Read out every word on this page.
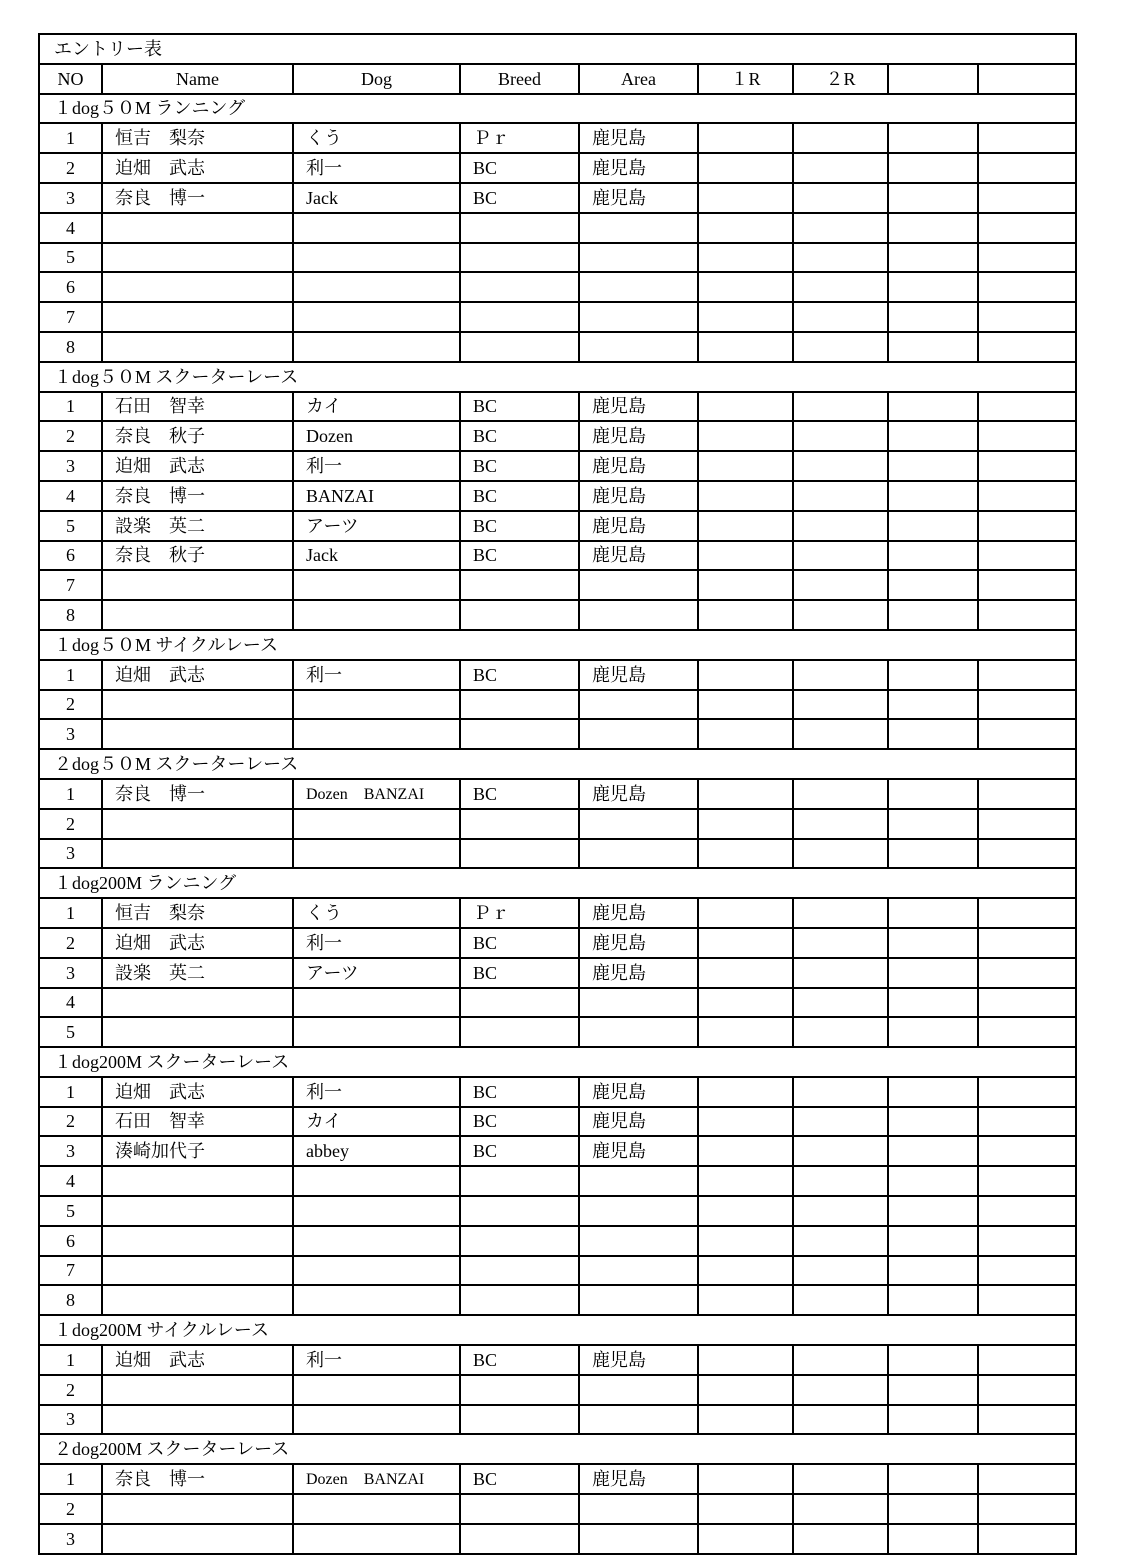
エントリー表								
NO	Name	Dog	Breed	Area	１R	２R		
１dog５０M ランニング								
1	恒吉　梨奈	くう	Ｐｒ	鹿児島				
2	迫畑　武志	利一	BC	鹿児島				
3	奈良　博一	Jack	BC	鹿児島				
4								
5								
6								
7								
8								
１dog５０M スクーターレース								
1	石田　智幸	カイ	BC	鹿児島				
2	奈良　秋子	Dozen	BC	鹿児島				
3	迫畑　武志	利一	BC	鹿児島				
4	奈良　博一	BANZAI	BC	鹿児島				
5	設楽　英二	アーツ	BC	鹿児島				
6	奈良　秋子	Jack	BC	鹿児島				
7								
8								
１dog５０M サイクルレース								
1	迫畑　武志	利一	BC	鹿児島				
2								
3								
２dog５０M スクーターレース								
1	奈良　博一	Dozen　BANZAI	BC	鹿児島				
2								
3								
１dog200M ランニング								
1	恒吉　梨奈	くう	Ｐｒ	鹿児島				
2	迫畑　武志	利一	BC	鹿児島				
3	設楽　英二	アーツ	BC	鹿児島				
4								
5								
１dog200M スクーターレース								
1	迫畑　武志	利一	BC	鹿児島				
2	石田　智幸	カイ	BC	鹿児島				
3	湊崎加代子	abbey	BC	鹿児島				
4								
5								
6								
7								
8								
１dog200M サイクルレース								
1	迫畑　武志	利一	BC	鹿児島				
2								
3								
２dog200M スクーターレース								
1	奈良　博一	Dozen　BANZAI	BC	鹿児島				
2								
3								
